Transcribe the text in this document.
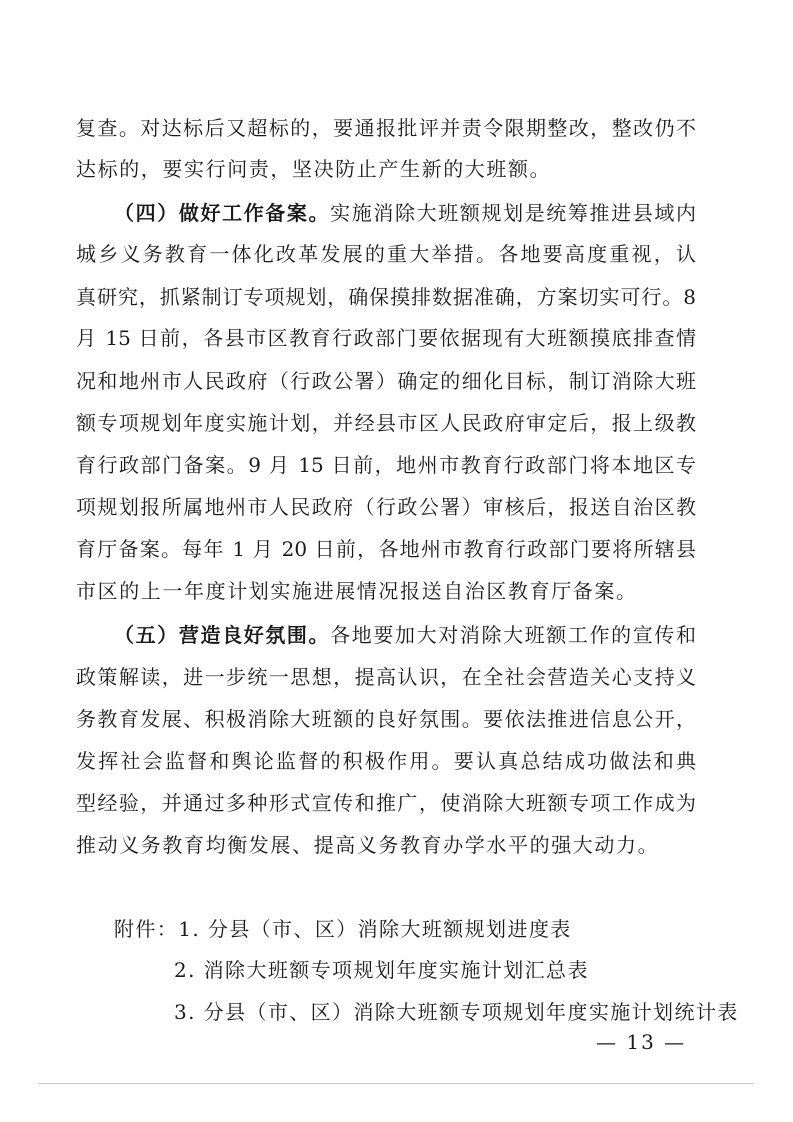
复查。对达标后又超标的，要通报批评并责令限期整改，整改仍不
达标的，要实行问责，坚决防止产生新的大班额。
（四）做好工作备案。实施消除大班额规划是统筹推进县域内
城乡义务教育一体化改革发展的重大举措。各地要高度重视，认
真研究，抓紧制订专项规划，确保摸排数据准确，方案切实可行。8
月 15 日前，各县市区教育行政部门要依据现有大班额摸底排查情
况和地州市人民政府（行政公署）确定的细化目标，制订消除大班
额专项规划年度实施计划，并经县市区人民政府审定后，报上级教
育行政部门备案。9 月 15 日前，地州市教育行政部门将本地区专
项规划报所属地州市人民政府（行政公署）审核后，报送自治区教
育厅备案。每年 1 月 20 日前，各地州市教育行政部门要将所辖县
市区的上一年度计划实施进展情况报送自治区教育厅备案。
（五）营造良好氛围。各地要加大对消除大班额工作的宣传和
政策解读，进一步统一思想，提高认识，在全社会营造关心支持义
务教育发展、积极消除大班额的良好氛围。要依法推进信息公开，
发挥社会监督和舆论监督的积极作用。要认真总结成功做法和典
型经验，并通过多种形式宣传和推广，使消除大班额专项工作成为
推动义务教育均衡发展、提高义务教育办学水平的强大动力。
附件：1. 分县（市、区）消除大班额规划进度表
2. 消除大班额专项规划年度实施计划汇总表
3. 分县（市、区）消除大班额专项规划年度实施计划统计表
— 13 —
